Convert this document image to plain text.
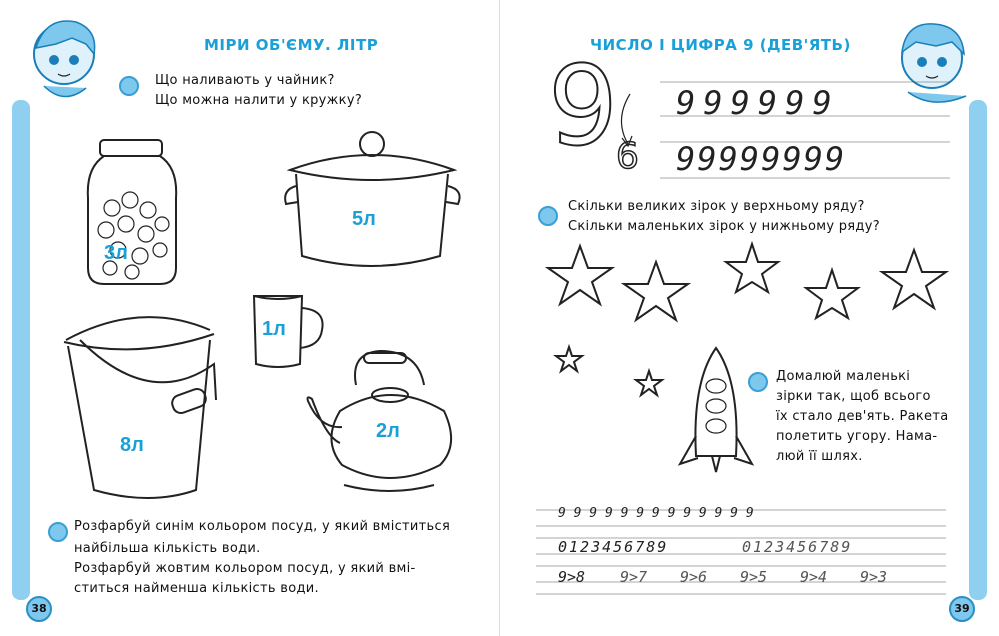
МІРИ ОБ'ЄМУ. ЛІТР
Що наливають у чайник?
Що можна налити у кружку?
3л
5л
1л
8л
2л
Розфарбуй синім кольором посуд, у який вміститься
найбільша кількість води.
Розфарбуй жовтим кольором посуд, у який вмі-
ститься найменша кількість води.
38
ЧИСЛО І ЦИФРА 9 (ДЕВ'ЯТЬ)
9
6
999999
99999999
Скільки великих зірок у верхньому ряду?
Скільки маленьких зірок у нижньому ряду?
Домалюй маленькі
зірки так, щоб всього
їх стало дев'ять. Ракета
полетить угору. Нама-
люй її шлях.
9 9 9 9 9 9 9 9 9 9 9 9 9
0123456789	0123456789
9>8 9>7 9>6 9>5 9>4 9>3
39
